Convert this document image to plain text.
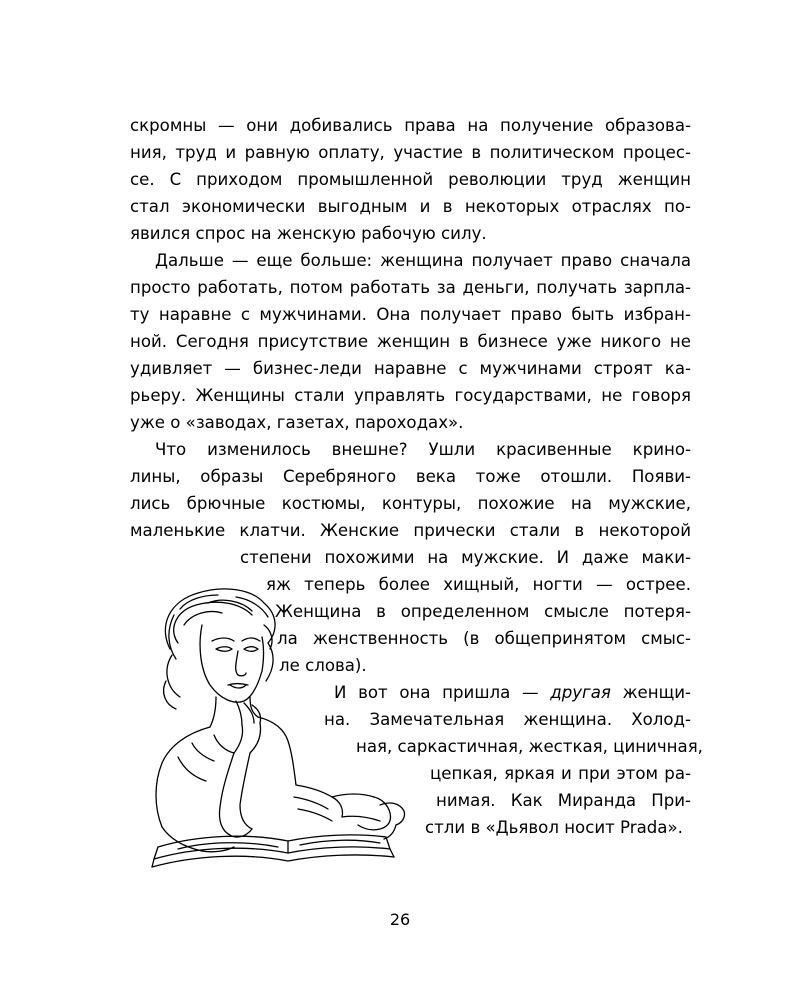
скромны — они добивались права на получение образова-
ния, труд и равную оплату, участие в политическом процес-
се. С приходом промышленной революции труд женщин
стал экономически выгодным и в некоторых отраслях по-
явился спрос на женскую рабочую силу.
Дальше — еще больше: женщина получает право сначала
просто работать, потом работать за деньги, получать зарпла-
ту наравне с мужчинами. Она получает право быть избран-
ной. Сегодня присутствие женщин в бизнесе уже никого не
удивляет — бизнес-леди наравне с мужчинами строят ка-
рьеру. Женщины стали управлять государствами, не говоря
уже о «заводах, газетах, пароходах».
Что изменилось внешне? Ушли красивенные крино-
лины, образы Серебряного века тоже отошли. Появи-
лись брючные костюмы, контуры, похожие на мужские,
маленькие клатчи. Женские прически стали в некоторой
степени похожими на мужские. И даже маки-
яж теперь более хищный, ногти — острее.
Женщина в определенном смысле потеря-
ла женственность (в общепринятом смыс-
ле слова).
И вот она пришла — другая женщи-
на. Замечательная женщина. Холод-
ная, саркастичная, жесткая, циничная,
цепкая, яркая и при этом ра-
нимая. Как Миранда При-
стли в «Дьявол носит Prada».
26
